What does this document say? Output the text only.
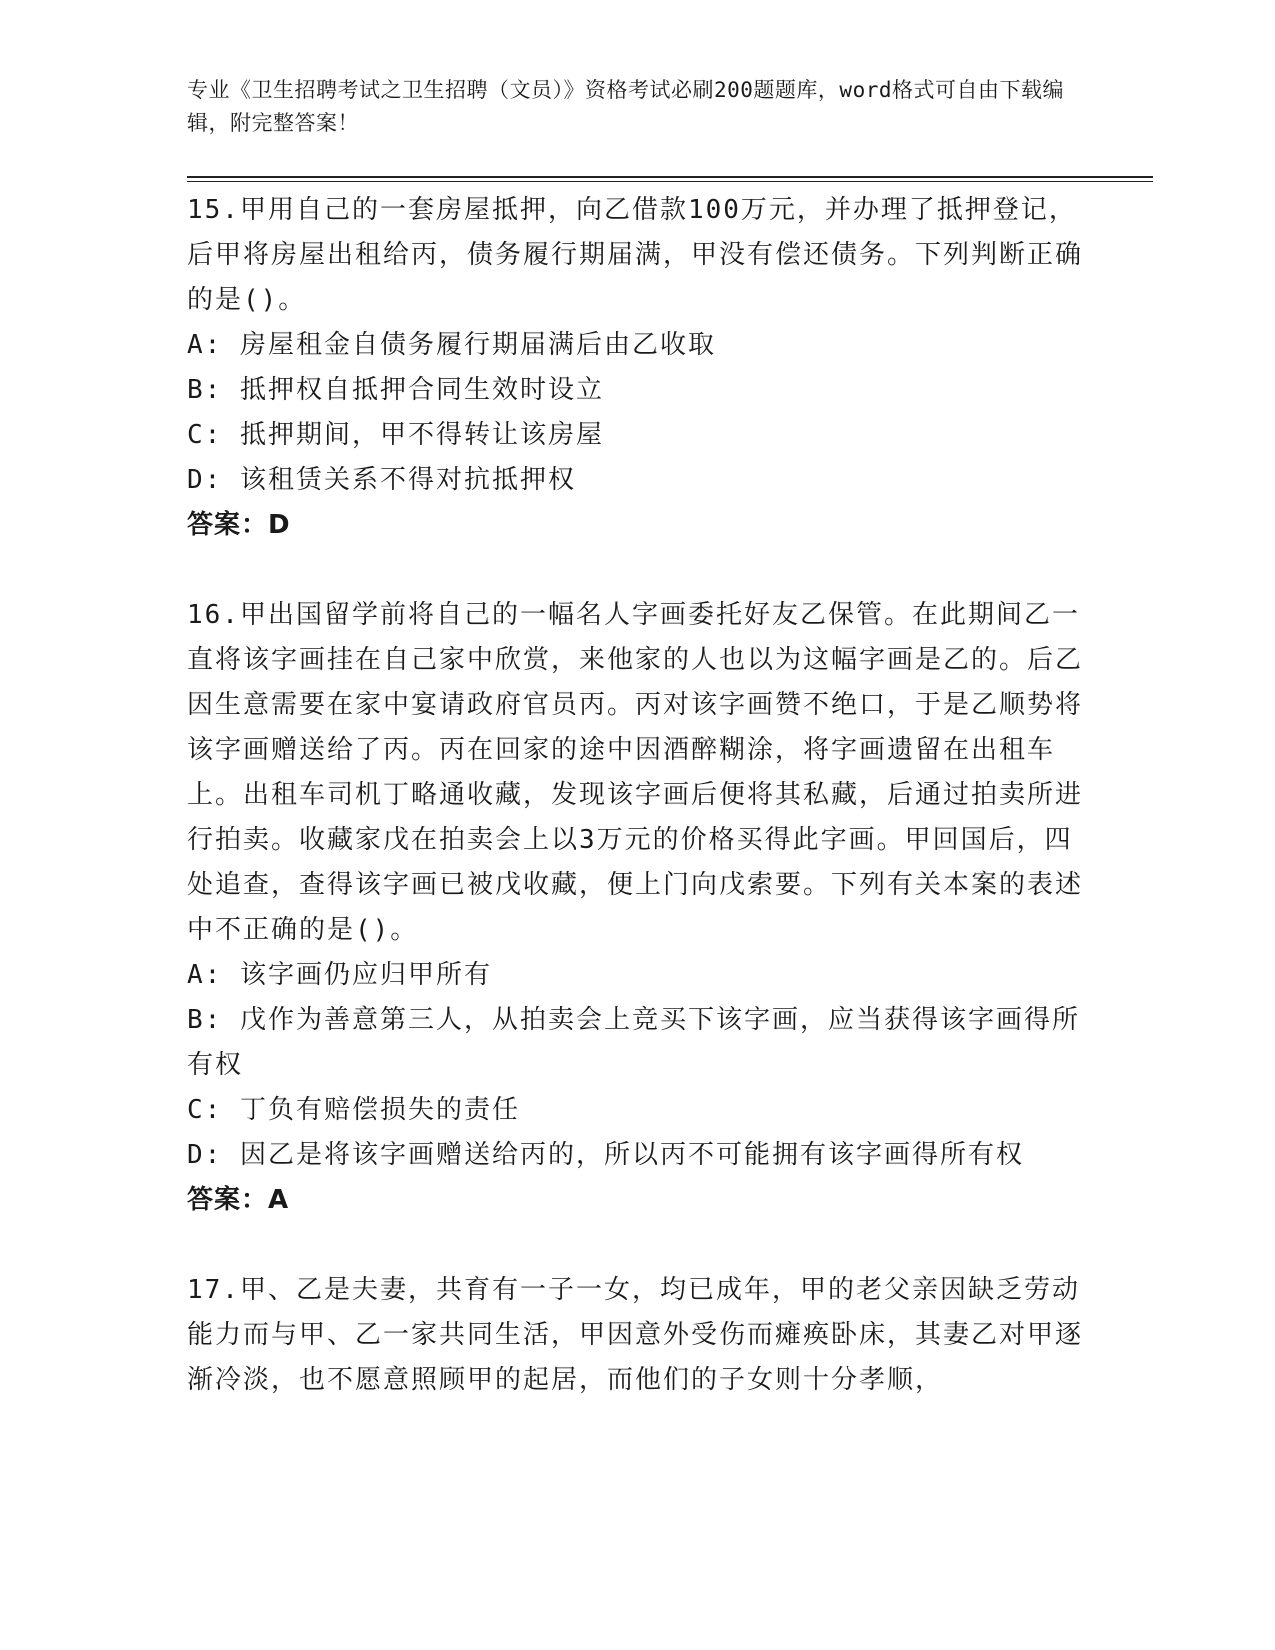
专业《卫生招聘考试之卫生招聘（文员）》资格考试必刷200题题库，word格式可自由下载编辑，附完整答案！
15.甲用自己的一套房屋抵押，向乙借款100万元，并办理了抵押登记，后甲将房屋出租给丙，债务履行期届满，甲没有偿还债务。下列判断正确的是()。
A: 房屋租金自债务履行期届满后由乙收取
B: 抵押权自抵押合同生效时设立
C: 抵押期间，甲不得转让该房屋
D: 该租赁关系不得对抗抵押权
答案：D
16.甲出国留学前将自己的一幅名人字画委托好友乙保管。在此期间乙一直将该字画挂在自己家中欣赏，来他家的人也以为这幅字画是乙的。后乙因生意需要在家中宴请政府官员丙。丙对该字画赞不绝口，于是乙顺势将该字画赠送给了丙。丙在回家的途中因酒醉糊涂，将字画遗留在出租车上。出租车司机丁略通收藏，发现该字画后便将其私藏，后通过拍卖所进行拍卖。收藏家戊在拍卖会上以3万元的价格买得此字画。甲回国后，四处追查，查得该字画已被戊收藏，便上门向戊索要。下列有关本案的表述中不正确的是()。
A: 该字画仍应归甲所有
B: 戊作为善意第三人，从拍卖会上竞买下该字画，应当获得该字画得所有权
C: 丁负有赔偿损失的责任
D: 因乙是将该字画赠送给丙的，所以丙不可能拥有该字画得所有权
答案：A
17.甲、乙是夫妻，共育有一子一女，均已成年，甲的老父亲因缺乏劳动能力而与甲、乙一家共同生活，甲因意外受伤而瘫痪卧床，其妻乙对甲逐渐冷淡，也不愿意照顾甲的起居，而他们的子女则十分孝顺，
